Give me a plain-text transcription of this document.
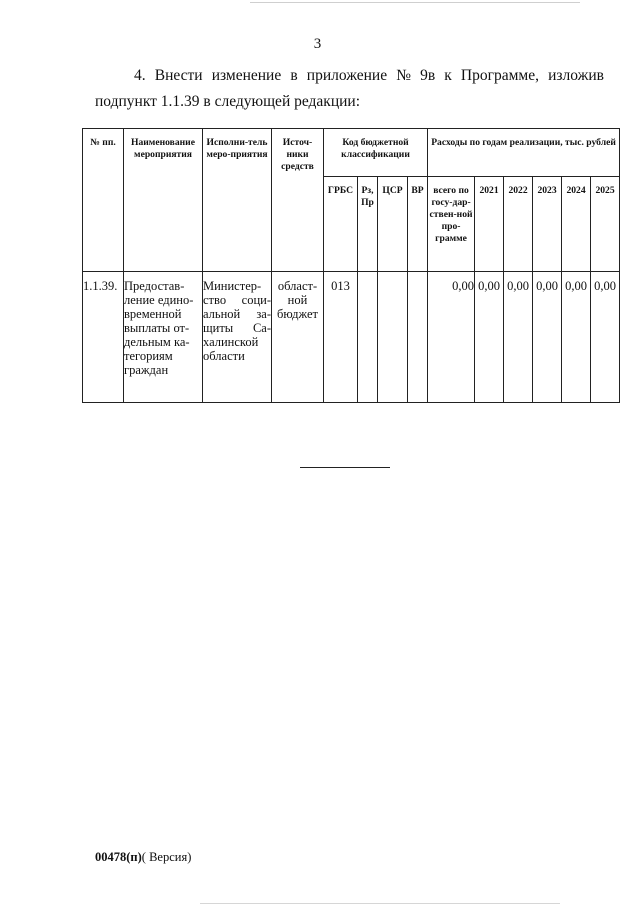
3
4. Внести изменение в приложение № 9в к Программе, изложив
подпункт 1.1.39 в следующей редакции:
№ пп.	Наименование мероприятия	Исполни-тель меро-приятия	Источ-ники средств	Код бюджетной классификации				Расходы по годам реализации, тыс. рублей					
				ГРБС	Рз, Пр	ЦСР	ВР	всего по госу-дар-ствен-ной про-грамме	2021	2022	2023	2024	2025
1.1.39.	Предостав-ление едино-временной выплаты от-дельным ка-тегориям граждан	Министер-ство соци-альной за-щиты Са-халинской области	област-ной бюджет	013				0,00	0,00	0,00	0,00	0,00	0,00
00478(п)( Версия)
